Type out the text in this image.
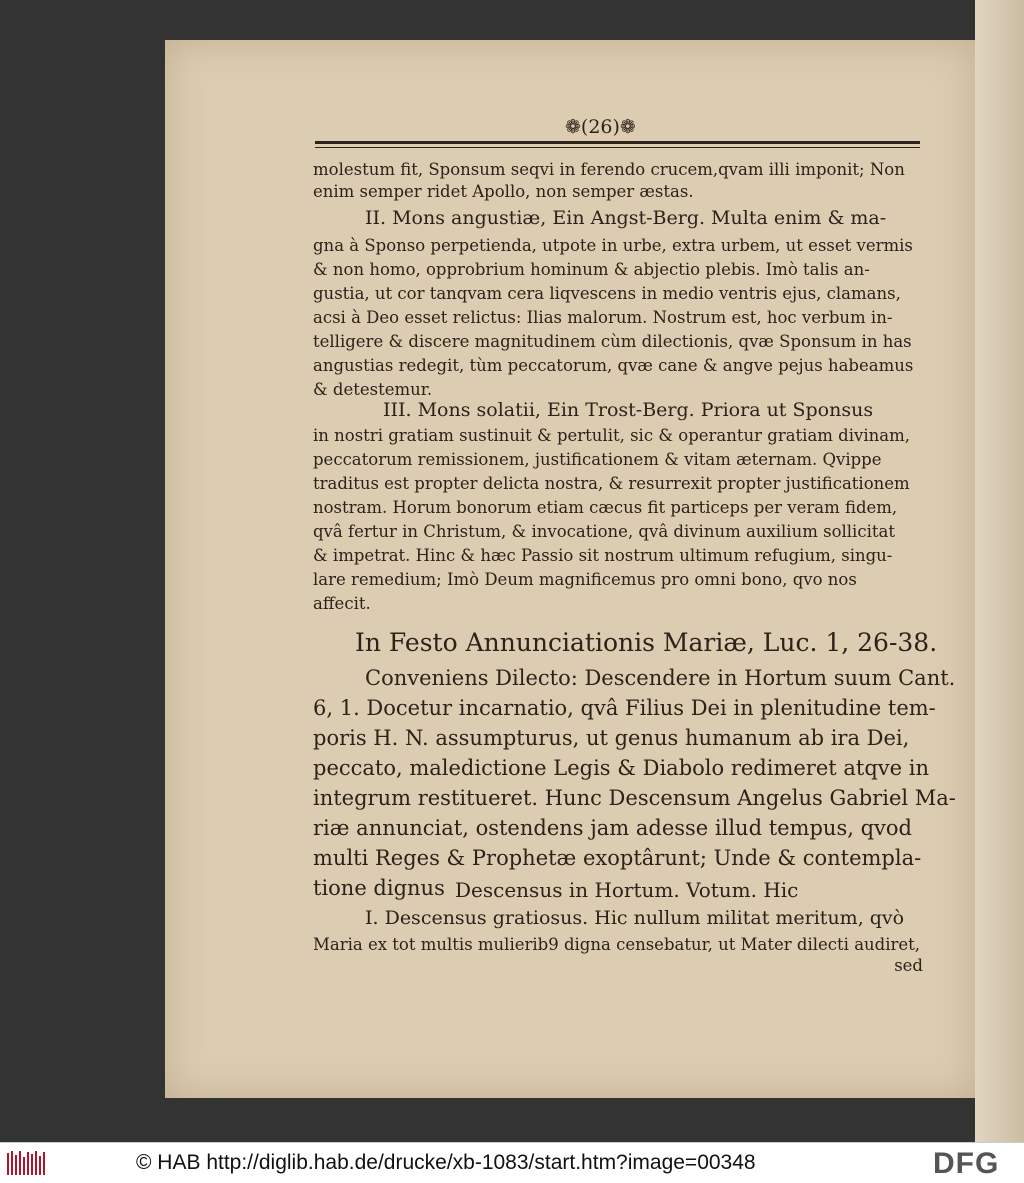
❁(26)❁
molestum fit, Sponsum seqvi in ferendo crucem,qvam illi imponit; Non
enim semper ridet Apollo, non semper æstas.
II. Mons angustiæ, Ein Angst-Berg. Multa enim & ma-
gna à Sponso perpetienda, utpote in urbe, extra urbem, ut esset vermis
& non homo, opprobrium hominum & abjectio plebis. Imò talis an-
gustia, ut cor tanqvam cera liqvescens in medio ventris ejus, clamans,
acsi à Deo esset relictus: Ilias malorum. Nostrum est, hoc verbum in-
telligere & discere magnitudinem cùm dilectionis, qvæ Sponsum in has
angustias redegit, tùm peccatorum, qvæ cane & angve pejus habeamus
& detestemur.
III. Mons solatii, Ein Trost-Berg. Priora ut Sponsus
in nostri gratiam sustinuit & pertulit, sic & operantur gratiam divinam,
peccatorum remissionem, justificationem & vitam æternam. Qvippe
traditus est propter delicta nostra, & resurrexit propter justificationem
nostram. Horum bonorum etiam cæcus fit particeps per veram fidem,
qvâ fertur in Christum, & invocatione, qvâ divinum auxilium sollicitat
& impetrat. Hinc & hæc Passio sit nostrum ultimum refugium, singu-
lare remedium; Imò Deum magnificemus pro omni bono, qvo nos
affecit.
In Festo Annunciationis Mariæ, Luc. 1, 26-38.
Conveniens Dilecto: Descendere in Hortum suum Cant.
6, 1. Docetur incarnatio, qvâ Filius Dei in plenitudine tem-
poris H. N. assumpturus, ut genus humanum ab ira Dei,
peccato, maledictione Legis & Diabolo redimeret atqve in
integrum restitueret. Hunc Descensum Angelus Gabriel Ma-
riæ annunciat, ostendens jam adesse illud tempus, qvod
multi Reges & Prophetæ exoptârunt; Unde & contempla-
tione dignus Descensus in Hortum. Votum. Hic
I. Descensus gratiosus. Hic nullum militat meritum, qvò
Maria ex tot multis mulierib9 digna censebatur, ut Mater dilecti audiret,
sed
© HAB http://diglib.hab.de/drucke/xb-1083/start.htm?image=00348	DFG
